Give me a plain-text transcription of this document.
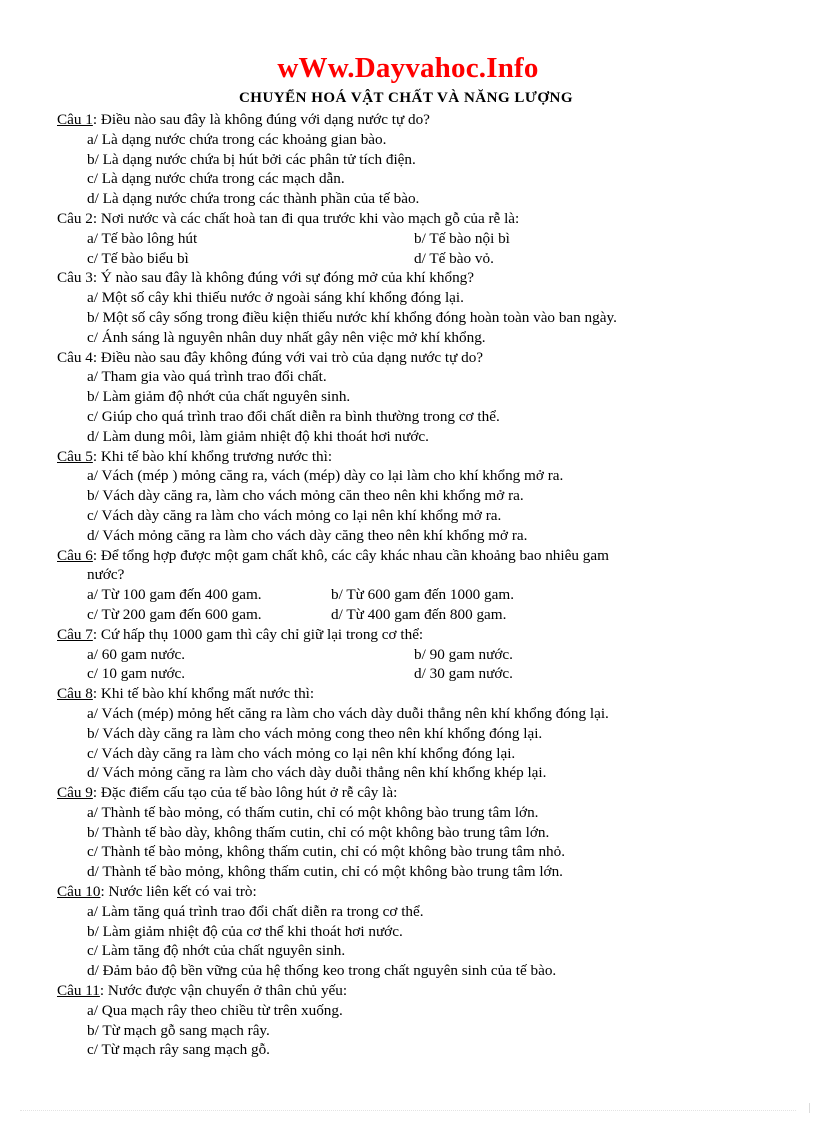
wWw.Dayvahoc.Info
CHUYỂN HOÁ VẬT CHẤT VÀ NĂNG LƯỢNG
Câu 1: Điều nào sau đây là không đúng với dạng nước tự do?
a/ Là dạng nước chứa trong các khoảng gian bào.
b/ Là dạng nước chứa bị hút bởi các phân tử tích điện.
c/ Là dạng nước chứa trong các mạch dẫn.
d/ Là dạng nước chứa trong các thành phần của tế bào.
Câu 2: Nơi nước và các chất hoà tan đi qua trước khi vào mạch gỗ của rễ là:
a/ Tế bào lông hút	b/ Tế bào nội bì
c/ Tế bào biểu bì	d/ Tế bào vỏ.
Câu 3: Ý nào sau đây là không đúng với sự đóng mở của khí khổng?
a/ Một số cây khi thiếu nước ở ngoài sáng khí khổng đóng lại.
b/ Một số cây sống trong điều kiện thiếu nước khí khổng đóng hoàn toàn vào ban ngày.
c/ Ánh sáng là nguyên nhân duy nhất gây nên việc mở khí khổng.
Câu 4: Điều nào sau đây không đúng với vai trò của dạng nước tự do?
a/ Tham gia vào quá trình trao đổi chất.
b/ Làm giảm độ nhớt của chất nguyên sinh.
c/ Giúp cho quá trình trao đổi chất diễn ra bình thường trong cơ thể.
d/ Làm dung môi, làm giảm nhiệt độ khi thoát hơi nước.
Câu 5: Khi tế bào khí khổng trương nước thì:
a/ Vách (mép ) mỏng căng ra, vách (mép) dày co lại làm cho khí khổng mở ra.
b/ Vách dày căng ra, làm cho vách mỏng căn theo nên khi khổng mở ra.
c/ Vách dày căng ra làm cho vách mỏng co lại nên khí khổng mở ra.
d/ Vách mỏng căng ra làm cho vách dày căng theo nên khí khổng mở ra.
Câu 6: Để tổng hợp được một gam chất khô, các cây khác nhau cần khoảng bao nhiêu gam
nước?
a/ Từ 100 gam đến 400 gam.	b/ Từ 600 gam đến 1000 gam.
c/ Từ 200 gam đến 600 gam.	d/ Từ 400 gam đến 800 gam.
Câu 7: Cứ hấp thụ 1000 gam thì cây chỉ giữ lại trong cơ thể:
a/ 60 gam nước.	b/ 90 gam nước.
c/ 10 gam nước.	d/ 30 gam nước.
Câu 8: Khi tế bào khí khổng mất nước thì:
a/ Vách (mép) mỏng hết căng ra làm cho vách dày duỗi thẳng nên khí khổng đóng lại.
b/ Vách dày căng ra làm cho vách mỏng cong theo nên khí khổng đóng lại.
c/ Vách dày căng ra làm cho vách mỏng co lại nên khí khổng đóng lại.
d/ Vách mỏng căng ra làm cho vách dày duỗi thẳng nên khí khổng khép lại.
Câu 9: Đặc điểm cấu tạo của tế bào lông hút ở rễ cây là:
a/ Thành tế bào mỏng, có thấm cutin, chỉ có một không bào trung tâm lớn.
b/ Thành tế bào dày, không thấm cutin, chỉ có một không bào trung tâm lớn.
c/ Thành tế bào mỏng, không thấm cutin, chỉ có một không bào trung tâm nhỏ.
d/ Thành tế bào mỏng, không thấm cutin, chỉ có một không bào trung tâm lớn.
Câu 10: Nước liên kết có vai trò:
a/ Làm tăng quá trình trao đổi chất diễn ra trong cơ thể.
b/ Làm giảm nhiệt độ của cơ thể khi thoát hơi nước.
c/ Làm tăng độ nhớt của chất nguyên sinh.
d/ Đảm bảo độ bền vững của hệ thống keo trong chất nguyên sinh của tế bào.
Câu 11: Nước được vận chuyển ở thân chủ yếu:
a/ Qua mạch rây theo chiều từ trên xuống.
b/ Từ mạch gỗ sang mạch rây.
c/ Từ mạch rây sang mạch gỗ.
